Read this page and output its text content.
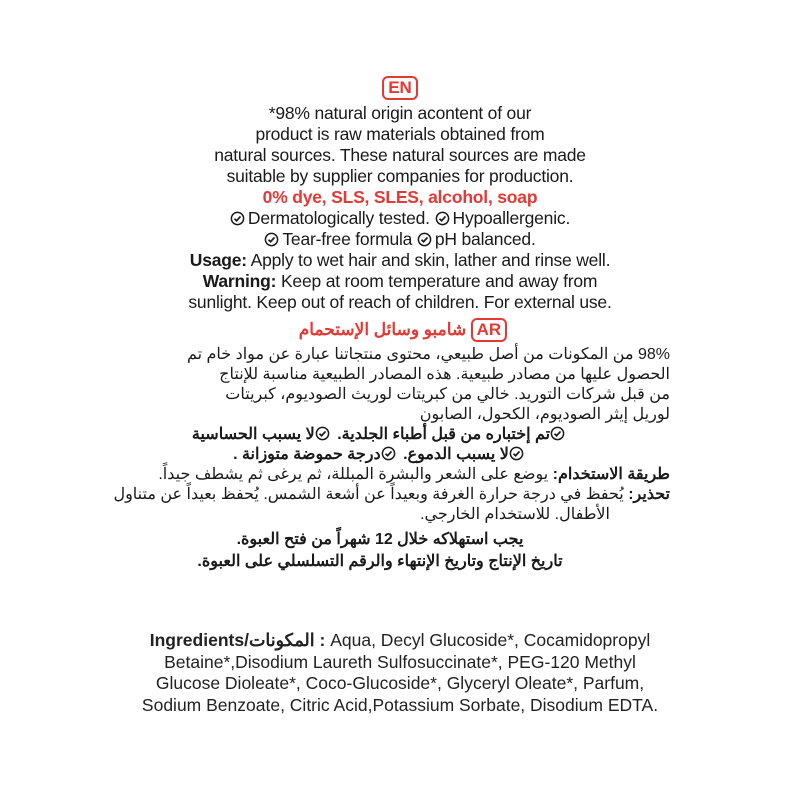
EN

*98% natural origin acontent of our

product is raw materials obtained from

natural sources. These natural sources are made

suitable by supplier companies for production.

0% dye, SLS, SLES, alcohol, soap

Dermatologically tested. Hypoallergenic.

Tear-free formula pH balanced.

Usage: Apply to wet hair and skin, lather and rinse well.

Warning: Keep at room temperature and away from

sunlight. Keep out of reach of children. For external use.

AR شامبو وسائل الإستحمام

98% من المكونات من أصل طبيعي، محتوى منتجاتنا عبارة عن مواد خام تم

الحصول عليها من مصادر طبيعية. هذه المصادر الطبيعية مناسبة للإنتاج

من قبل شركات التوريد. خالي من كبريتات لوريث الصوديوم، كبريتات

لوريل إيثر الصوديوم، الكحول، الصابون

تم إختباره من قبل أطباء الجلدية. لا يسبب الحساسية

لا يسبب الدموع. درجة حموضة متوزانة .

طريقة الاستخدام: يوضع على الشعر والبشرة المبللة، ثم يرغى ثم يشطف جيداً.

تحذير: يُحفظ في درجة حرارة الغرفة وبعيداً عن أشعة الشمس. يُحفظ بعيداً عن متناول

الأطفال. للاستخدام الخارجي.

يجب استهلاكه خلال 12 شهراً من فتح العبوة.

تاريخ الإنتاج وتاريخ الإنتهاء والرقم التسلسلي على العبوة.

Ingredients/المكونات : Aqua, Decyl Glucoside*, Cocamidopropyl
Betaine*,Disodium Laureth Sulfosuccinate*, PEG-120 Methyl
Glucose Dioleate*, Coco-Glucoside*, Glyceryl Oleate*, Parfum,
Sodium Benzoate, Citric Acid,Potassium Sorbate, Disodium EDTA.
